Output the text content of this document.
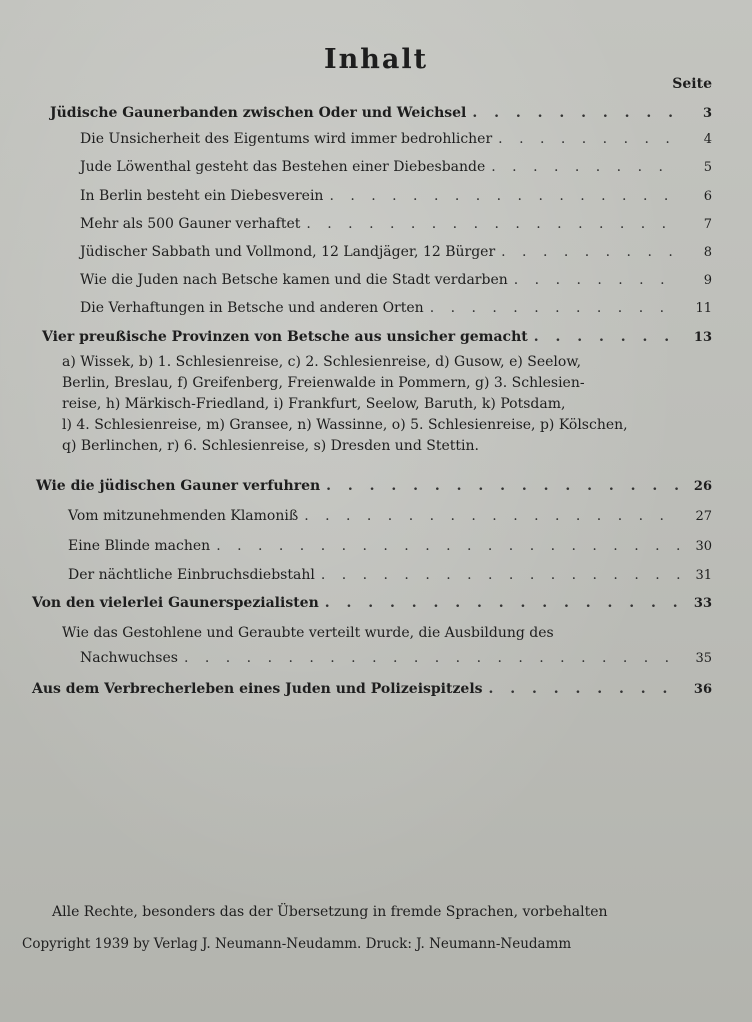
Inhalt
Seite
Jüdische Gaunerbanden zwischen Oder und Weichsel . . .	3
Die Unsicherheit des Eigentums wird immer bedrohlicher . . .	4
Jude Löwenthal gesteht das Bestehen einer Diebesbande . . .	5
In Berlin besteht ein Diebesverein . . .	6
Mehr als 500 Gauner verhaftet . . .	7
Jüdischer Sabbath und Vollmond, 12 Landjäger, 12 Bürger . . .	8
Wie die Juden nach Betsche kamen und die Stadt verdarben . . .	9
Die Verhaftungen in Betsche und anderen Orten . . .	11
Vier preußische Provinzen von Betsche aus unsicher gemacht . . .	13
a) Wissek, b) 1. Schlesienreise, c) 2. Schlesienreise, d) Gusow, e) Seelow,
Berlin, Breslau, f) Greifenberg, Freienwalde in Pommern, g) 3. Schlesien-
reise, h) Märkisch-Friedland, i) Frankfurt, Seelow, Baruth, k) Potsdam,
l) 4. Schlesienreise, m) Gransee, n) Wassinne, o) 5. Schlesienreise, p) Kölschen,
q) Berlinchen, r) 6. Schlesienreise, s) Dresden und Stettin.
Wie die jüdischen Gauner verfuhren . . .	26
Vom mitzunehmenden Klamoniß . . .	27
Eine Blinde machen . . .	30
Der nächtliche Einbruchsdiebstahl . . .	31
Von den vielerlei Gaunerspezialisten . . .	33
Wie das Gestohlene und Geraubte verteilt wurde, die Ausbildung des
Nachwuchses . . .	35
Aus dem Verbrecherleben eines Juden und Polizeispitzels . . .	36
Alle Rechte, besonders das der Übersetzung in fremde Sprachen, vorbehalten
Copyright 1939 by Verlag J. Neumann-Neudamm. Druck: J. Neumann-Neudamm
